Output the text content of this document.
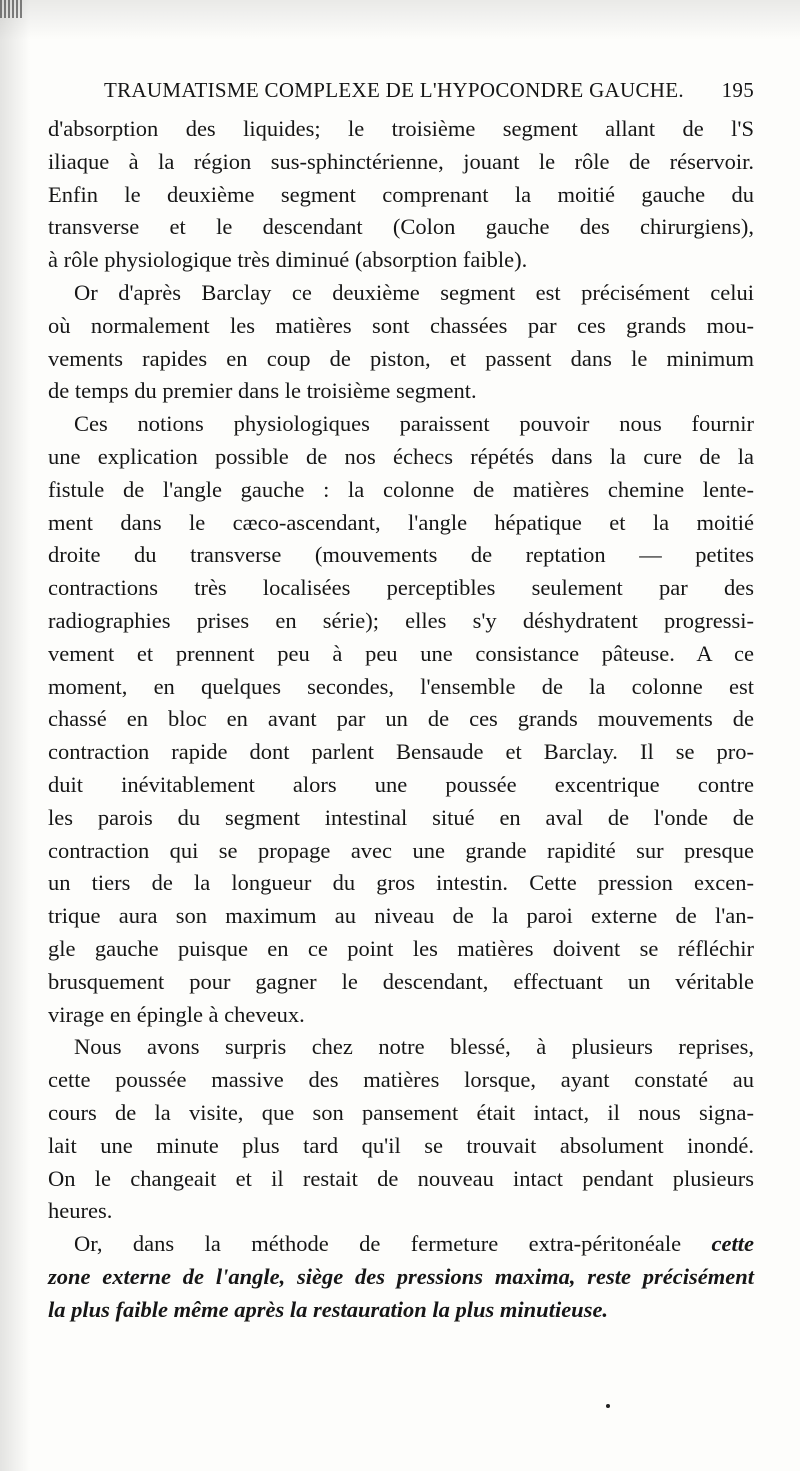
TRAUMATISME COMPLEXE DE L'HYPOCONDRE GAUCHE. 195
d'absorption des liquides; le troisième segment allant de l'S
iliaque à la région sus-sphinctérienne, jouant le rôle de réservoir.
Enfin le deuxième segment comprenant la moitié gauche du
transverse et le descendant (Colon gauche des chirurgiens),
à rôle physiologique très diminué (absorption faible).
Or d'après Barclay ce deuxième segment est précisément celui
où normalement les matières sont chassées par ces grands mou-
vements rapides en coup de piston, et passent dans le minimum
de temps du premier dans le troisième segment.
Ces notions physiologiques paraissent pouvoir nous fournir
une explication possible de nos échecs répétés dans la cure de la
fistule de l'angle gauche : la colonne de matières chemine lente-
ment dans le cæco-ascendant, l'angle hépatique et la moitié
droite du transverse (mouvements de reptation — petites
contractions très localisées perceptibles seulement par des
radiographies prises en série); elles s'y déshydratent progressi-
vement et prennent peu à peu une consistance pâteuse. A ce
moment, en quelques secondes, l'ensemble de la colonne est
chassé en bloc en avant par un de ces grands mouvements de
contraction rapide dont parlent Bensaude et Barclay. Il se pro-
duit inévitablement alors une poussée excentrique contre
les parois du segment intestinal situé en aval de l'onde de
contraction qui se propage avec une grande rapidité sur presque
un tiers de la longueur du gros intestin. Cette pression excen-
trique aura son maximum au niveau de la paroi externe de l'an-
gle gauche puisque en ce point les matières doivent se réfléchir
brusquement pour gagner le descendant, effectuant un véritable
virage en épingle à cheveux.
Nous avons surpris chez notre blessé, à plusieurs reprises,
cette poussée massive des matières lorsque, ayant constaté au
cours de la visite, que son pansement était intact, il nous signa-
lait une minute plus tard qu'il se trouvait absolument inondé.
On le changeait et il restait de nouveau intact pendant plusieurs
heures.
Or, dans la méthode de fermeture extra-péritonéale cette
zone externe de l'angle, siège des pressions maxima, reste précisément
la plus faible même après la restauration la plus minutieuse.
